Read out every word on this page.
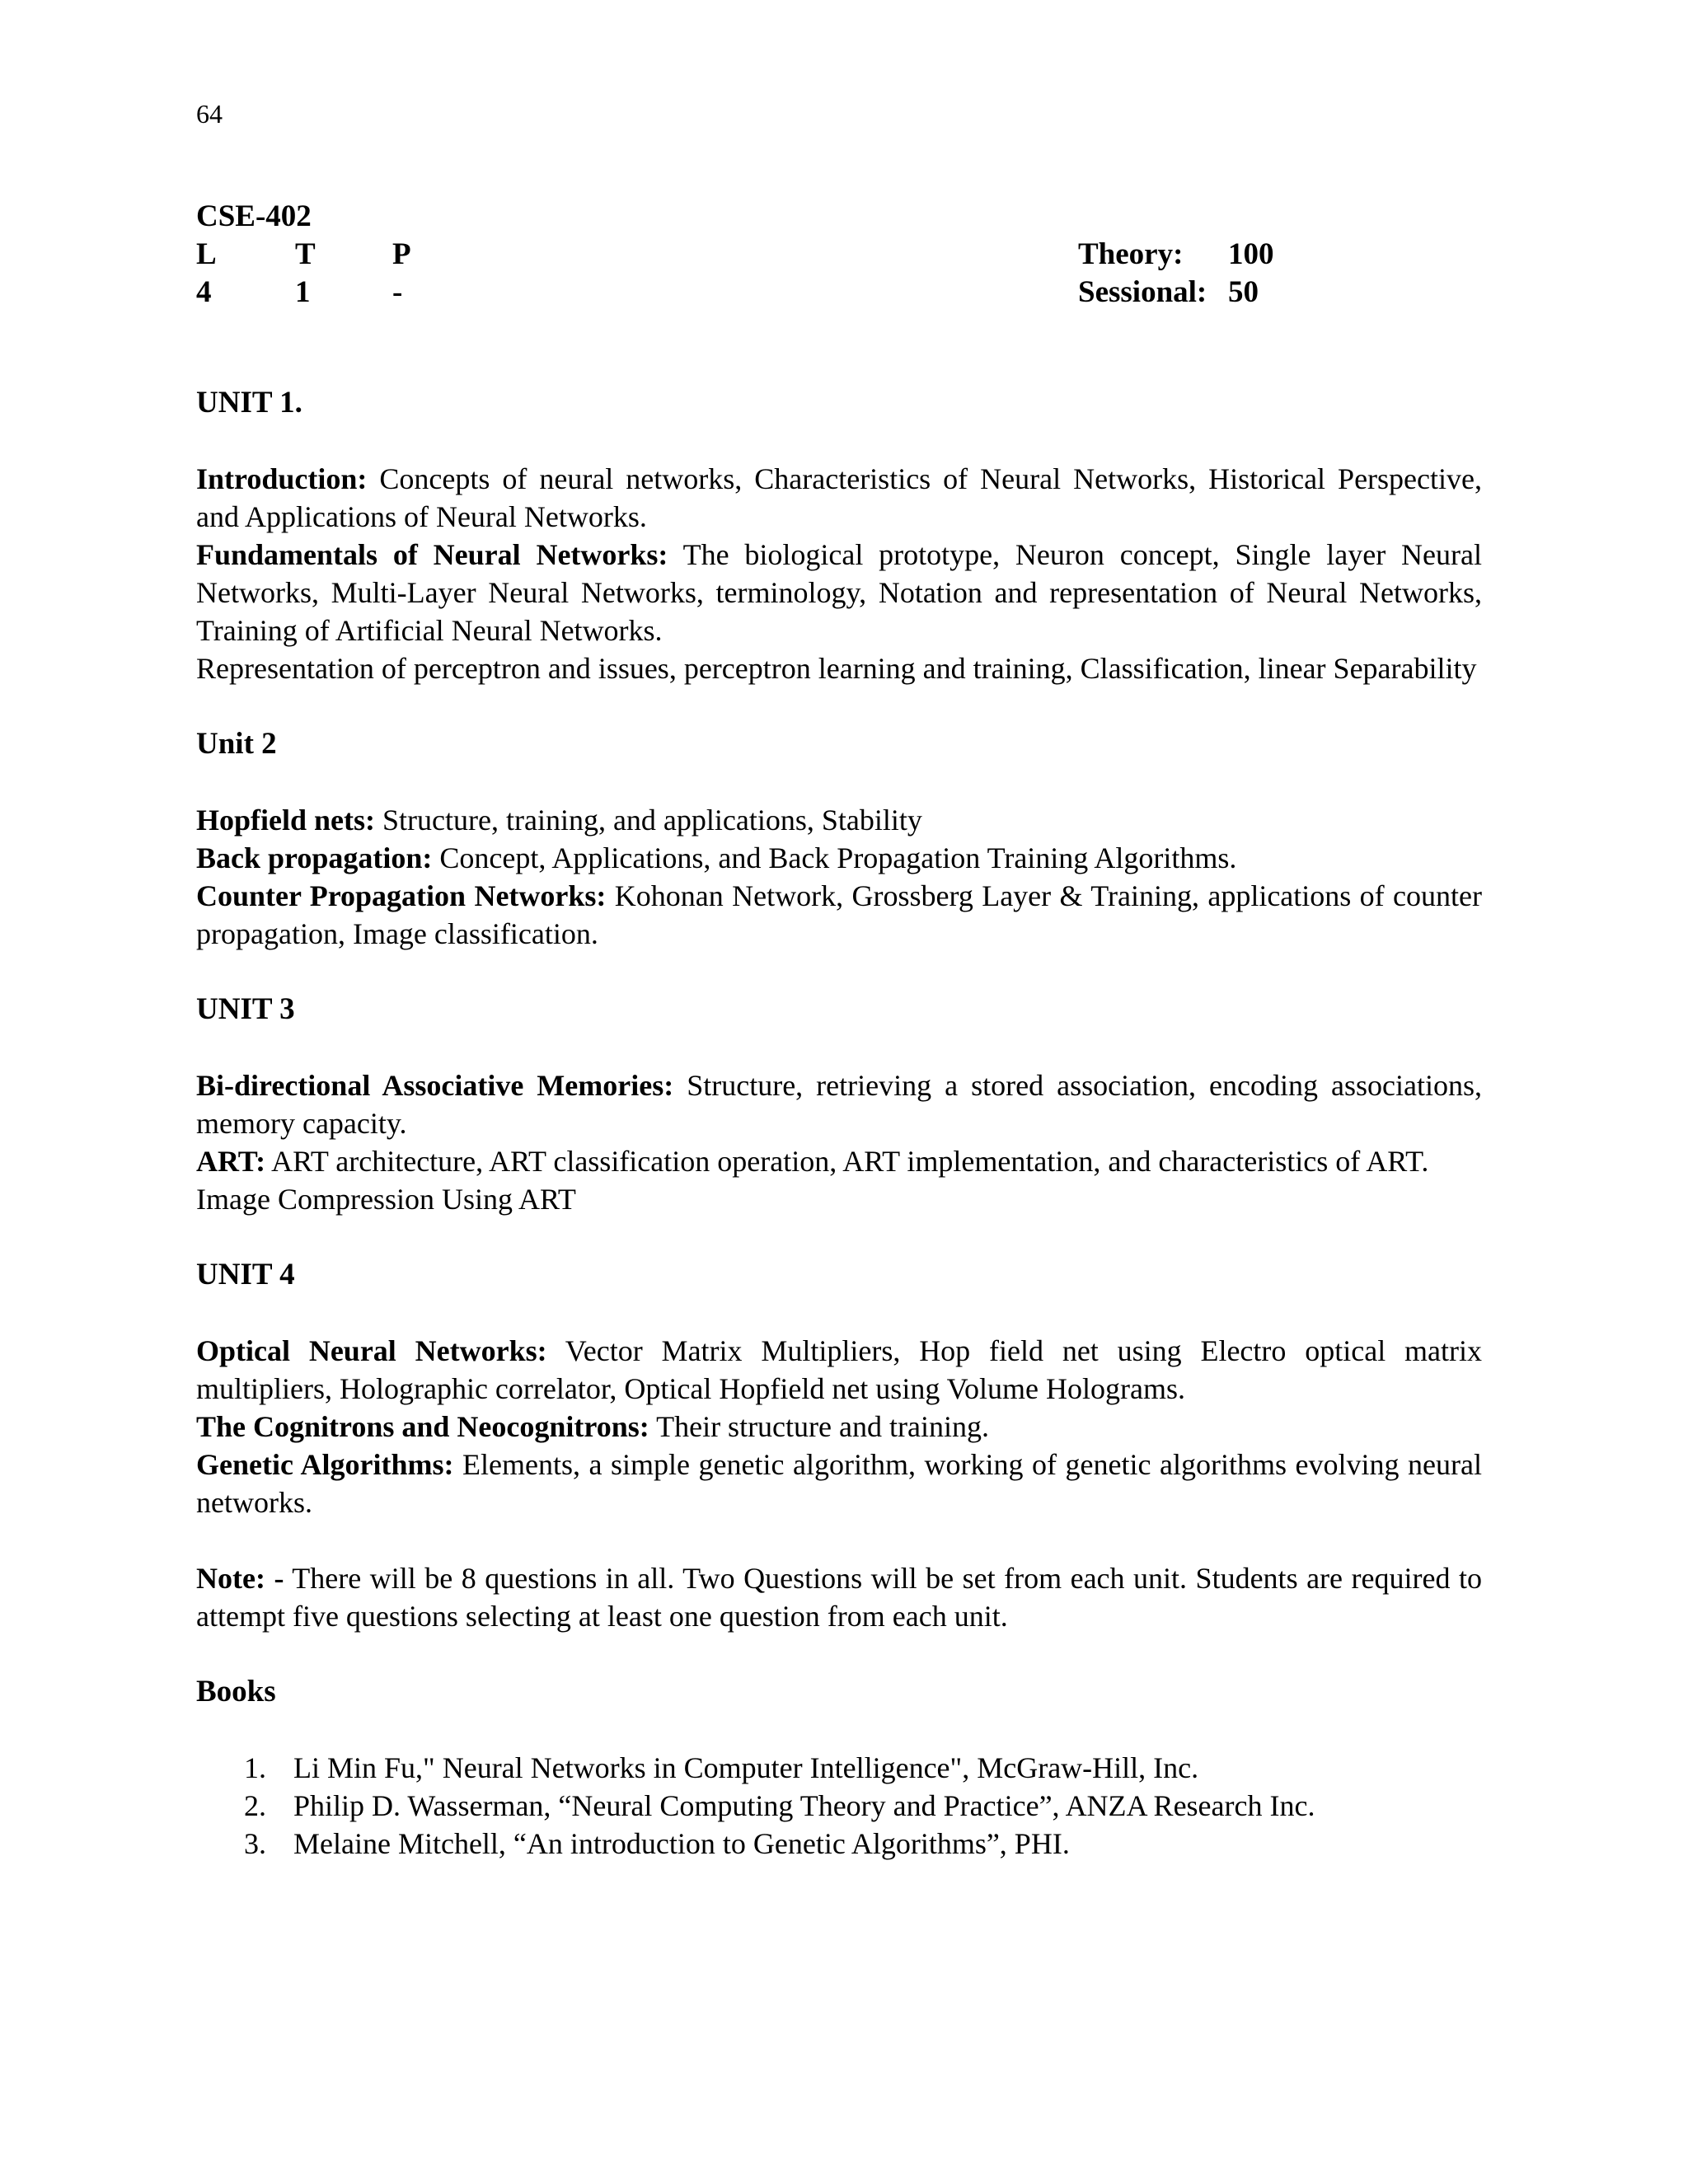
64
CSE-402
L	T	P	Theory: 100
4	1	-	Sessional: 50
UNIT 1.

Introduction: Concepts of neural networks, Characteristics of Neural Networks, Historical Perspective, and Applications of Neural Networks.

Fundamentals of Neural Networks: The biological prototype, Neuron concept, Single layer Neural Networks, Multi-Layer Neural Networks, terminology, Notation and representation of Neural Networks, Training of Artificial Neural Networks.

Representation of perceptron and issues, perceptron learning and training, Classification, linear Separability

Unit 2

Hopfield nets: Structure, training, and applications, Stability

Back propagation: Concept, Applications, and Back Propagation Training Algorithms.

Counter Propagation Networks: Kohonan Network, Grossberg Layer & Training, applications of counter propagation, Image classification.

UNIT 3

Bi-directional Associative Memories: Structure, retrieving a stored association, encoding associations, memory capacity.

ART: ART architecture, ART classification operation, ART implementation, and characteristics of ART.

Image Compression Using ART

UNIT 4

Optical Neural Networks: Vector Matrix Multipliers, Hop field net using Electro optical matrix multipliers, Holographic correlator, Optical Hopfield net using Volume Holograms.

The Cognitrons and Neocognitrons: Their structure and training.

Genetic Algorithms: Elements, a simple genetic algorithm, working of genetic algorithms evolving neural networks.

Note: - There will be 8 questions in all. Two Questions will be set from each unit. Students are required to attempt five questions selecting at least one question from each unit.

Books
1. Li Min Fu," Neural Networks in Computer Intelligence", McGraw-Hill, Inc.
2. Philip D. Wasserman, “Neural Computing Theory and Practice”, ANZA Research Inc.
3. Melaine Mitchell, “An introduction to Genetic Algorithms”, PHI.
